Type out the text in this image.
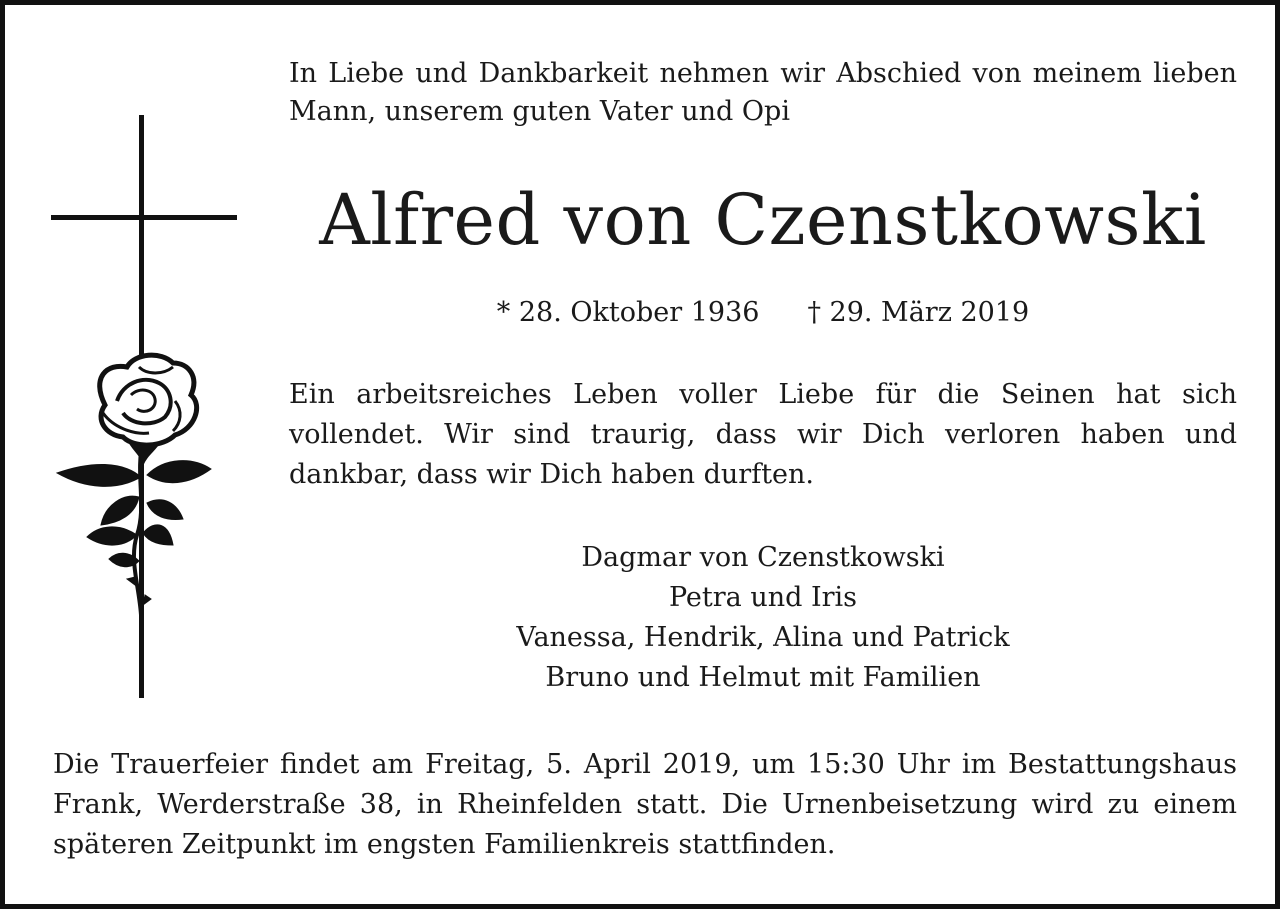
In Liebe und Dankbarkeit nehmen wir Abschied von meinem lieben Mann, unserem guten Vater und Opi
Alfred von Czenstkowski
* 28. Oktober 1936 † 29. März 2019
Ein arbeitsreiches Leben voller Liebe für die Seinen hat sich vollendet. Wir sind traurig, dass wir Dich verloren haben und dankbar, dass wir Dich haben durften.
Dagmar von Czenstkowski
Petra und Iris
Vanessa, Hendrik, Alina und Patrick
Bruno und Helmut mit Familien
Die Trauerfeier findet am Freitag, 5. April 2019, um 15:30 Uhr im Bestattungshaus Frank, Werderstraße 38, in Rheinfelden statt. Die Urnenbeisetzung wird zu einem späteren Zeitpunkt im engsten Familienkreis stattfinden.
